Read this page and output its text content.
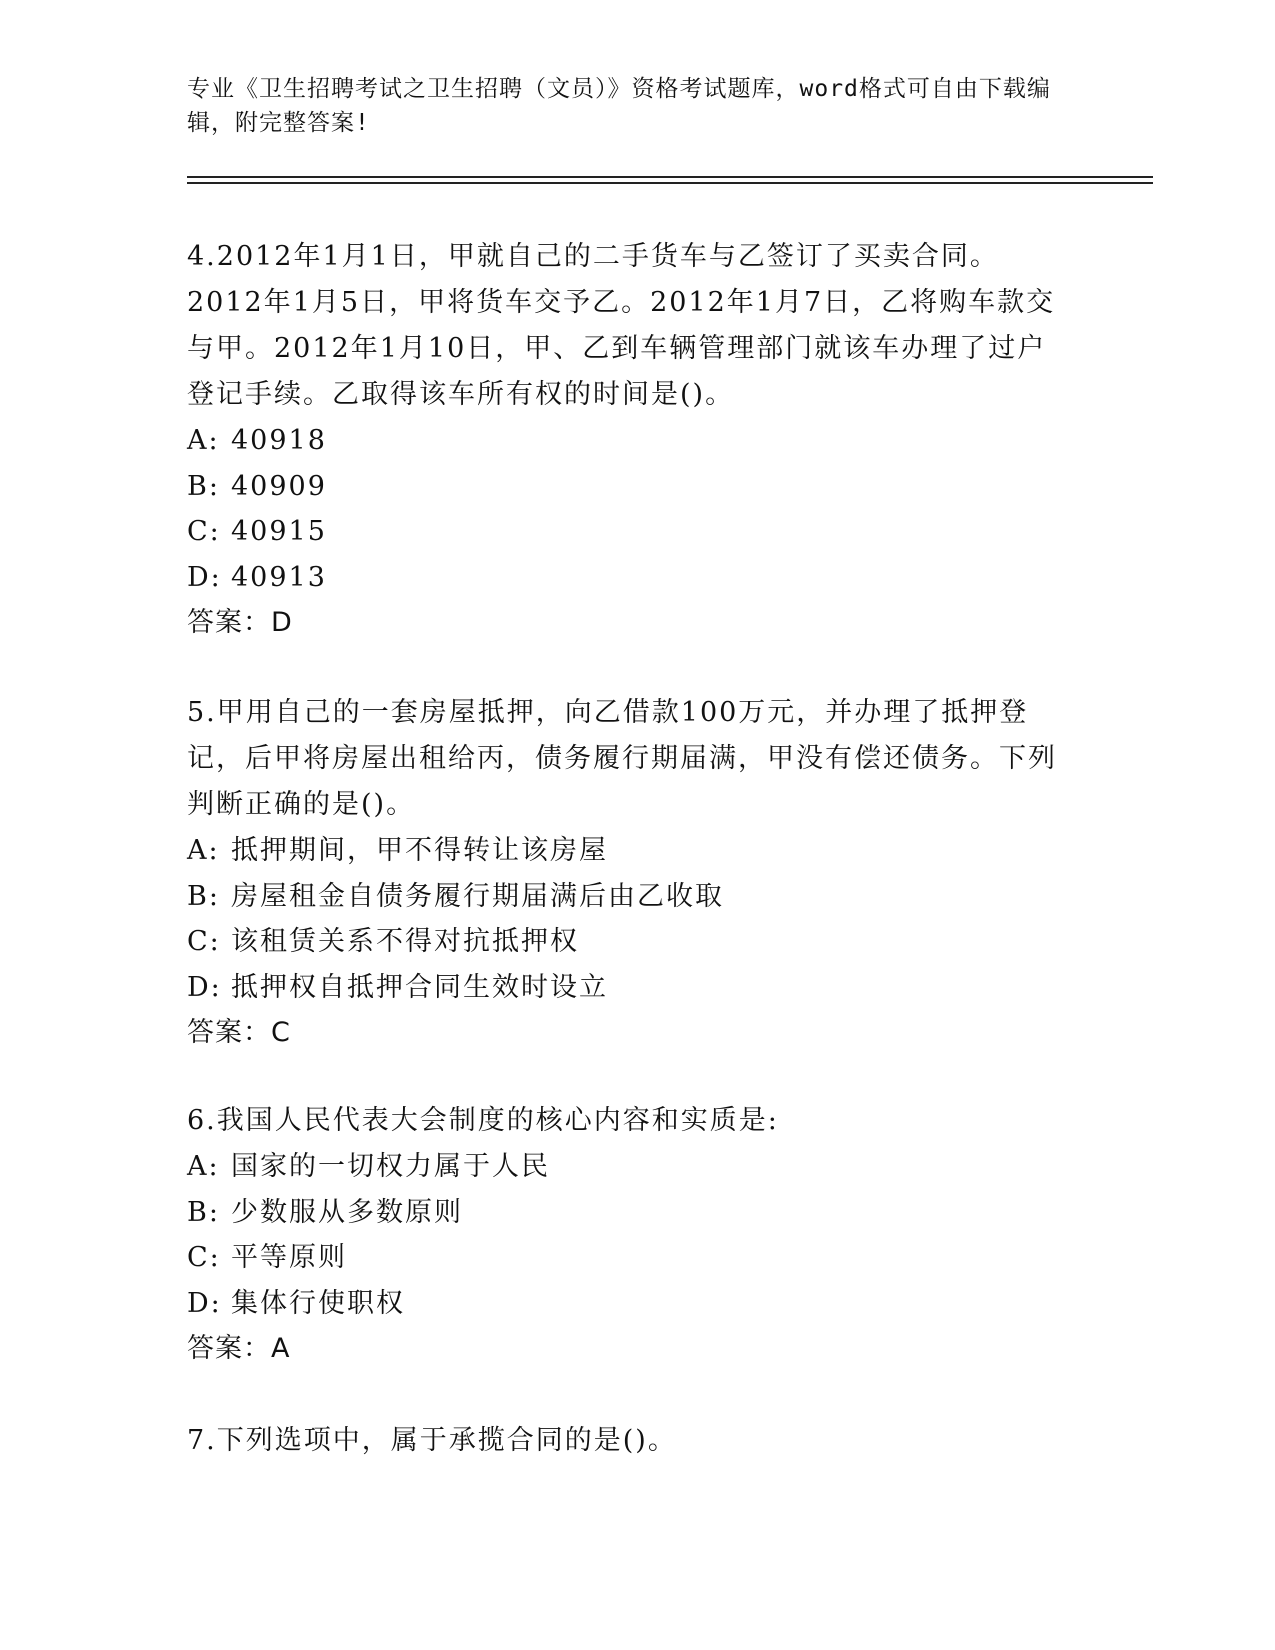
专业《卫生招聘考试之卫生招聘（文员）》资格考试题库，word格式可自由下载编辑，附完整答案!

4.2012年1月1日，甲就自己的二手货车与乙签订了买卖合同。2012年1月5日，甲将货车交予乙。2012年1月7日，乙将购车款交与甲。2012年1月10日，甲、乙到车辆管理部门就该车办理了过户登记手续。乙取得该车所有权的时间是()。

A: 40918

B: 40909

C: 40915

D: 40913

答案：D

5.甲用自己的一套房屋抵押，向乙借款100万元，并办理了抵押登记，后甲将房屋出租给丙，债务履行期届满，甲没有偿还债务。下列判断正确的是()。

A: 抵押期间，甲不得转让该房屋

B: 房屋租金自债务履行期届满后由乙收取

C: 该租赁关系不得对抗抵押权

D: 抵押权自抵押合同生效时设立

答案：C

6.我国人民代表大会制度的核心内容和实质是:

A: 国家的一切权力属于人民

B: 少数服从多数原则

C: 平等原则

D: 集体行使职权

答案：A

7.下列选项中，属于承揽合同的是()。
